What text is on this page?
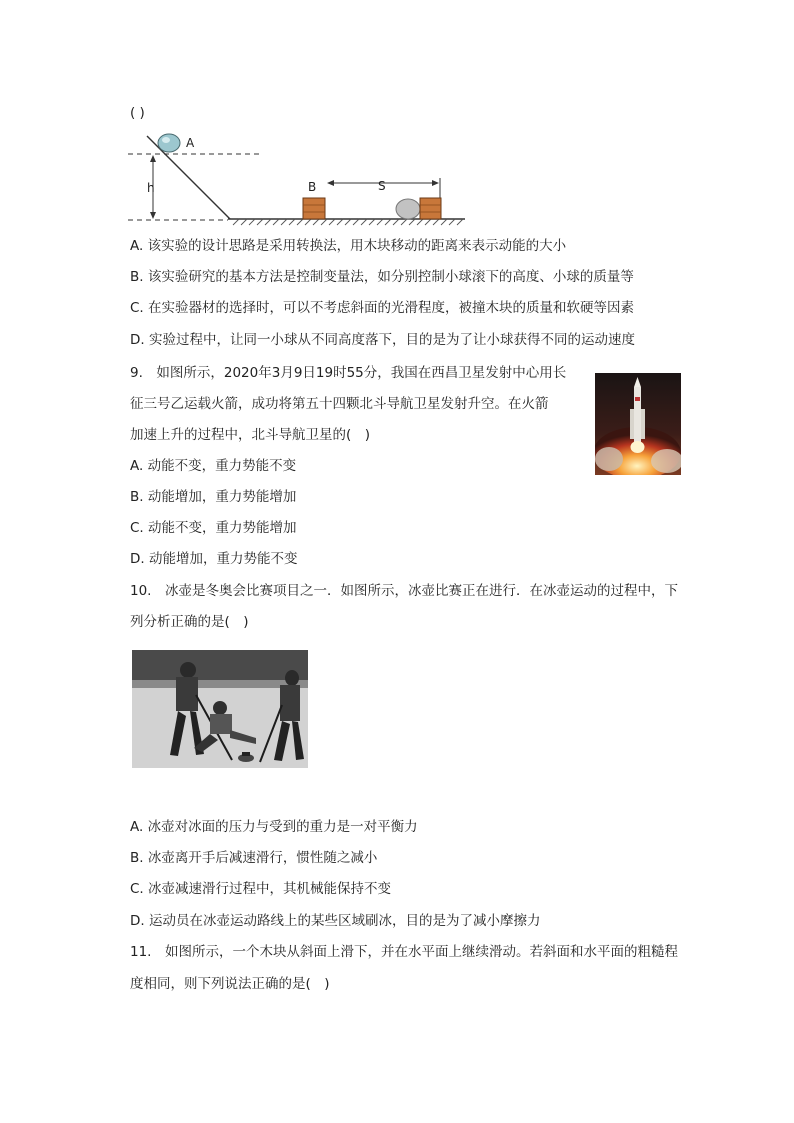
( )
A
h	B	S
A. 该实验的设计思路是采用转换法，用木块移动的距离来表示动能的大小
B. 该实验研究的基本方法是控制变量法，如分别控制小球滚下的高度、小球的质量等
C. 在实验器材的选择时，可以不考虑斜面的光滑程度，被撞木块的质量和软硬等因素
D. 实验过程中，让同一小球从不同高度落下，目的是为了让小球获得不同的运动速度
9.　如图所示，2020年3月9日19时55分，我国在西昌卫星发射中心用长
征三号乙运载火箭，成功将第五十四颗北斗导航卫星发射升空。在火箭
加速上升的过程中，北斗导航卫星的(　)
A. 动能不变，重力势能不变
B. 动能增加，重力势能增加
C. 动能不变，重力势能增加
D. 动能增加，重力势能不变
10.　冰壶是冬奥会比赛项目之一．如图所示，冰壶比赛正在进行．在冰壶运动的过程中，下
列分析正确的是(　)
A. 冰壶对冰面的压力与受到的重力是一对平衡力
B. 冰壶离开手后减速滑行，惯性随之减小
C. 冰壶减速滑行过程中，其机械能保持不变
D. 运动员在冰壶运动路线上的某些区域刷冰，目的是为了减小摩擦力
11.　如图所示，一个木块从斜面上滑下，并在水平面上继续滑动。若斜面和水平面的粗糙程
度相同，则下列说法正确的是(　)
